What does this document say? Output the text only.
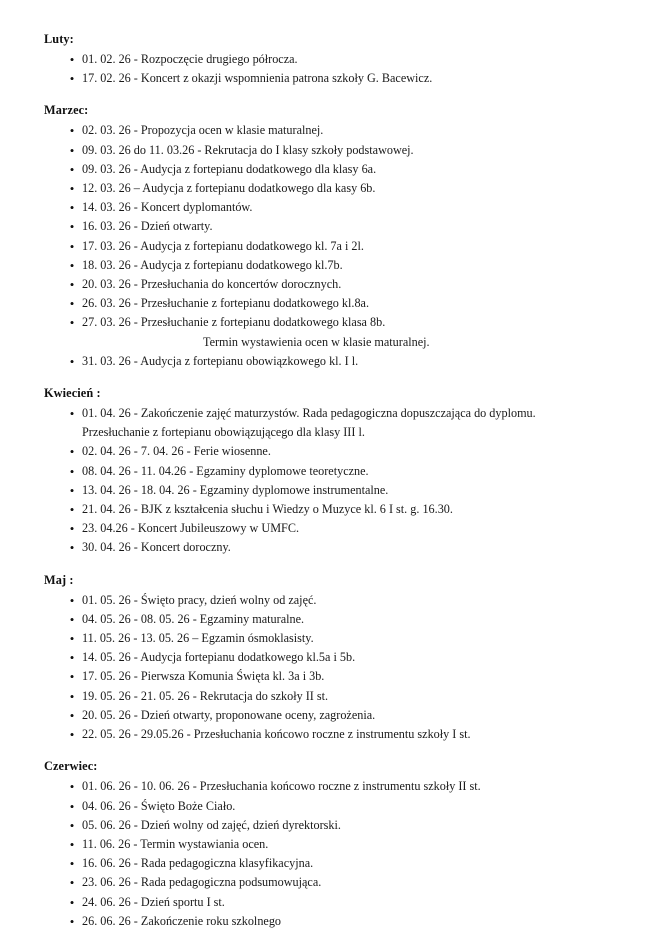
Luty:
• 01. 02. 26 - Rozpoczęcie drugiego półrocza.
• 17. 02. 26 - Koncert z okazji wspomnienia patrona szkoły G. Bacewicz.
Marzec:
• 02. 03. 26 - Propozycja ocen w klasie maturalnej.
• 09. 03. 26 do 11. 03.26 - Rekrutacja do I klasy szkoły podstawowej.
• 09. 03. 26 - Audycja z fortepianu dodatkowego dla klasy 6a.
• 12. 03. 26 – Audycja z fortepianu dodatkowego dla kasy 6b.
• 14. 03. 26 - Koncert dyplomantów.
• 16. 03. 26 - Dzień otwarty.
• 17. 03. 26 - Audycja z fortepianu dodatkowego kl. 7a i 2l.
• 18. 03. 26 - Audycja z fortepianu dodatkowego kl.7b.
• 20. 03. 26 - Przesłuchania do koncertów dorocznych.
• 26. 03. 26 - Przesłuchanie z fortepianu dodatkowego kl.8a.
• 27. 03. 26 - Przesłuchanie z fortepianu dodatkowego klasa 8b.
Termin wystawienia ocen w klasie maturalnej.
• 31. 03. 26 - Audycja z fortepianu obowiązkowego kl. I l.
Kwiecień :
• 01. 04. 26 - Zakończenie zajęć maturzystów. Rada pedagogiczna dopuszczająca do dyplomu. Przesłuchanie z fortepianu obowiązującego dla klasy III l.
• 02. 04. 26 - 7. 04. 26 - Ferie wiosenne.
• 08. 04. 26 - 11. 04.26 - Egzaminy dyplomowe teoretyczne.
• 13. 04. 26 - 18. 04. 26 - Egzaminy dyplomowe instrumentalne.
• 21. 04. 26 - BJK z kształcenia słuchu i Wiedzy o Muzyce kl. 6 I st. g. 16.30.
• 23. 04.26 - Koncert Jubileuszowy w UMFC.
• 30. 04. 26 - Koncert doroczny.
Maj :
• 01. 05. 26 - Święto pracy, dzień wolny od zajęć.
• 04. 05. 26 - 08. 05. 26 - Egzaminy maturalne.
• 11. 05. 26 - 13. 05. 26 – Egzamin ósmoklasisty.
• 14. 05. 26 - Audycja fortepianu dodatkowego kl.5a i 5b.
• 17. 05. 26 - Pierwsza Komunia Święta kl. 3a i 3b.
• 19. 05. 26 - 21. 05. 26 - Rekrutacja do szkoły II st.
• 20. 05. 26 - Dzień otwarty, proponowane oceny, zagrożenia.
• 22. 05. 26 - 29.05.26 - Przesłuchania końcowo roczne z instrumentu szkoły I st.
Czerwiec:
• 01. 06. 26 - 10. 06. 26 - Przesłuchania końcowo roczne z instrumentu szkoły II st.
• 04. 06. 26 - Święto Boże Ciało.
• 05. 06. 26 - Dzień wolny od zajęć, dzień dyrektorski.
• 11. 06. 26 - Termin wystawiania ocen.
• 16. 06. 26 - Rada pedagogiczna klasyfikacyjna.
• 23. 06. 26 - Rada pedagogiczna podsumowująca.
• 24. 06. 26 - Dzień sportu I st.
• 26. 06. 26 - Zakończenie roku szkolnego
